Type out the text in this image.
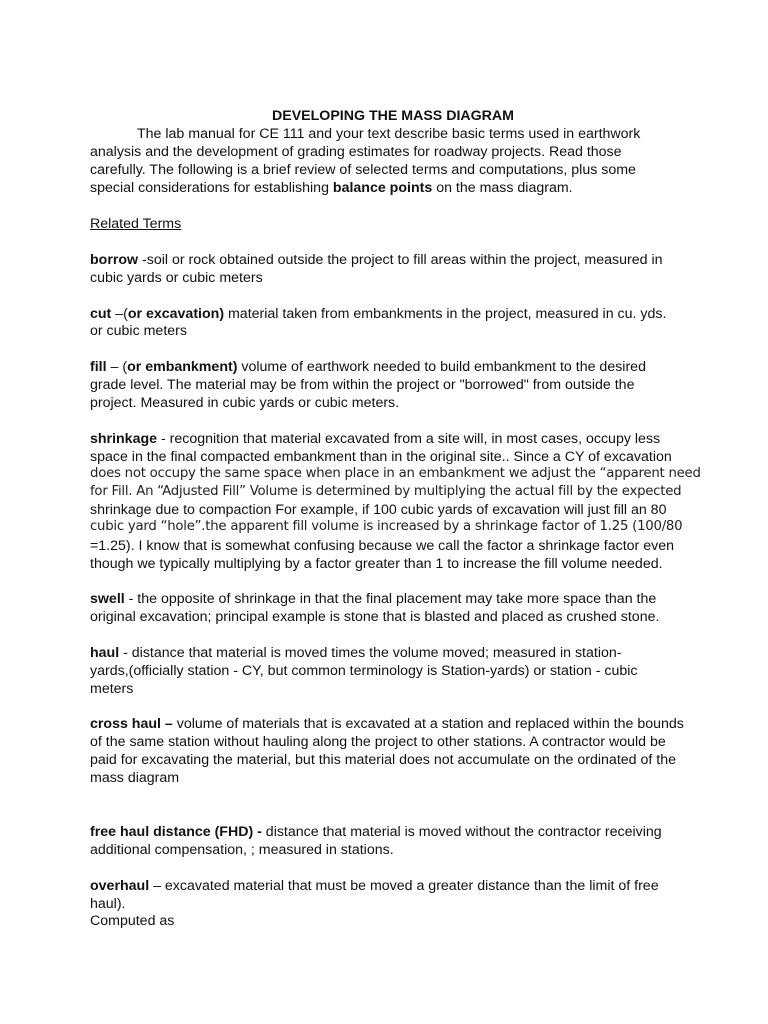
DEVELOPING THE MASS DIAGRAM
The lab manual for CE 111 and your text describe basic terms used in earthwork
analysis and the development of grading estimates for roadway projects. Read those
carefully. The following is a brief review of selected terms and computations, plus some
special considerations for establishing balance points on the mass diagram.
Related Terms
borrow -soil or rock obtained outside the project to fill areas within the project, measured in
cubic yards or cubic meters
cut –(or excavation) material taken from embankments in the project, measured in cu. yds.
or cubic meters
fill – (or embankment) volume of earthwork needed to build embankment to the desired
grade level. The material may be from within the project or "borrowed" from outside the
project. Measured in cubic yards or cubic meters.
shrinkage - recognition that material excavated from a site will, in most cases, occupy less
space in the final compacted embankment than in the original site.. Since a CY of excavation
does not occupy the same space when place in an embankment we adjust the “apparent need
for Fill. An “Adjusted Fill” Volume is determined by multiplying the actual fill by the expected
shrinkage due to compaction For example, if 100 cubic yards of excavation will just fill an 80
cubic yard “hole”.the apparent fill volume is increased by a shrinkage factor of 1.25 (100/80
=1.25). I know that is somewhat confusing because we call the factor a shrinkage factor even
though we typically multiplying by a factor greater than 1 to increase the fill volume needed.
swell - the opposite of shrinkage in that the final placement may take more space than the
original excavation; principal example is stone that is blasted and placed as crushed stone.
haul - distance that material is moved times the volume moved; measured in station-
yards,(officially station - CY, but common terminology is Station-yards) or station - cubic
meters
cross haul – volume of materials that is excavated at a station and replaced within the bounds
of the same station without hauling along the project to other stations. A contractor would be
paid for excavating the material, but this material does not accumulate on the ordinated of the
mass diagram
free haul distance (FHD) - distance that material is moved without the contractor receiving
additional compensation, ; measured in stations.
overhaul – excavated material that must be moved a greater distance than the limit of free
haul).
Computed as
